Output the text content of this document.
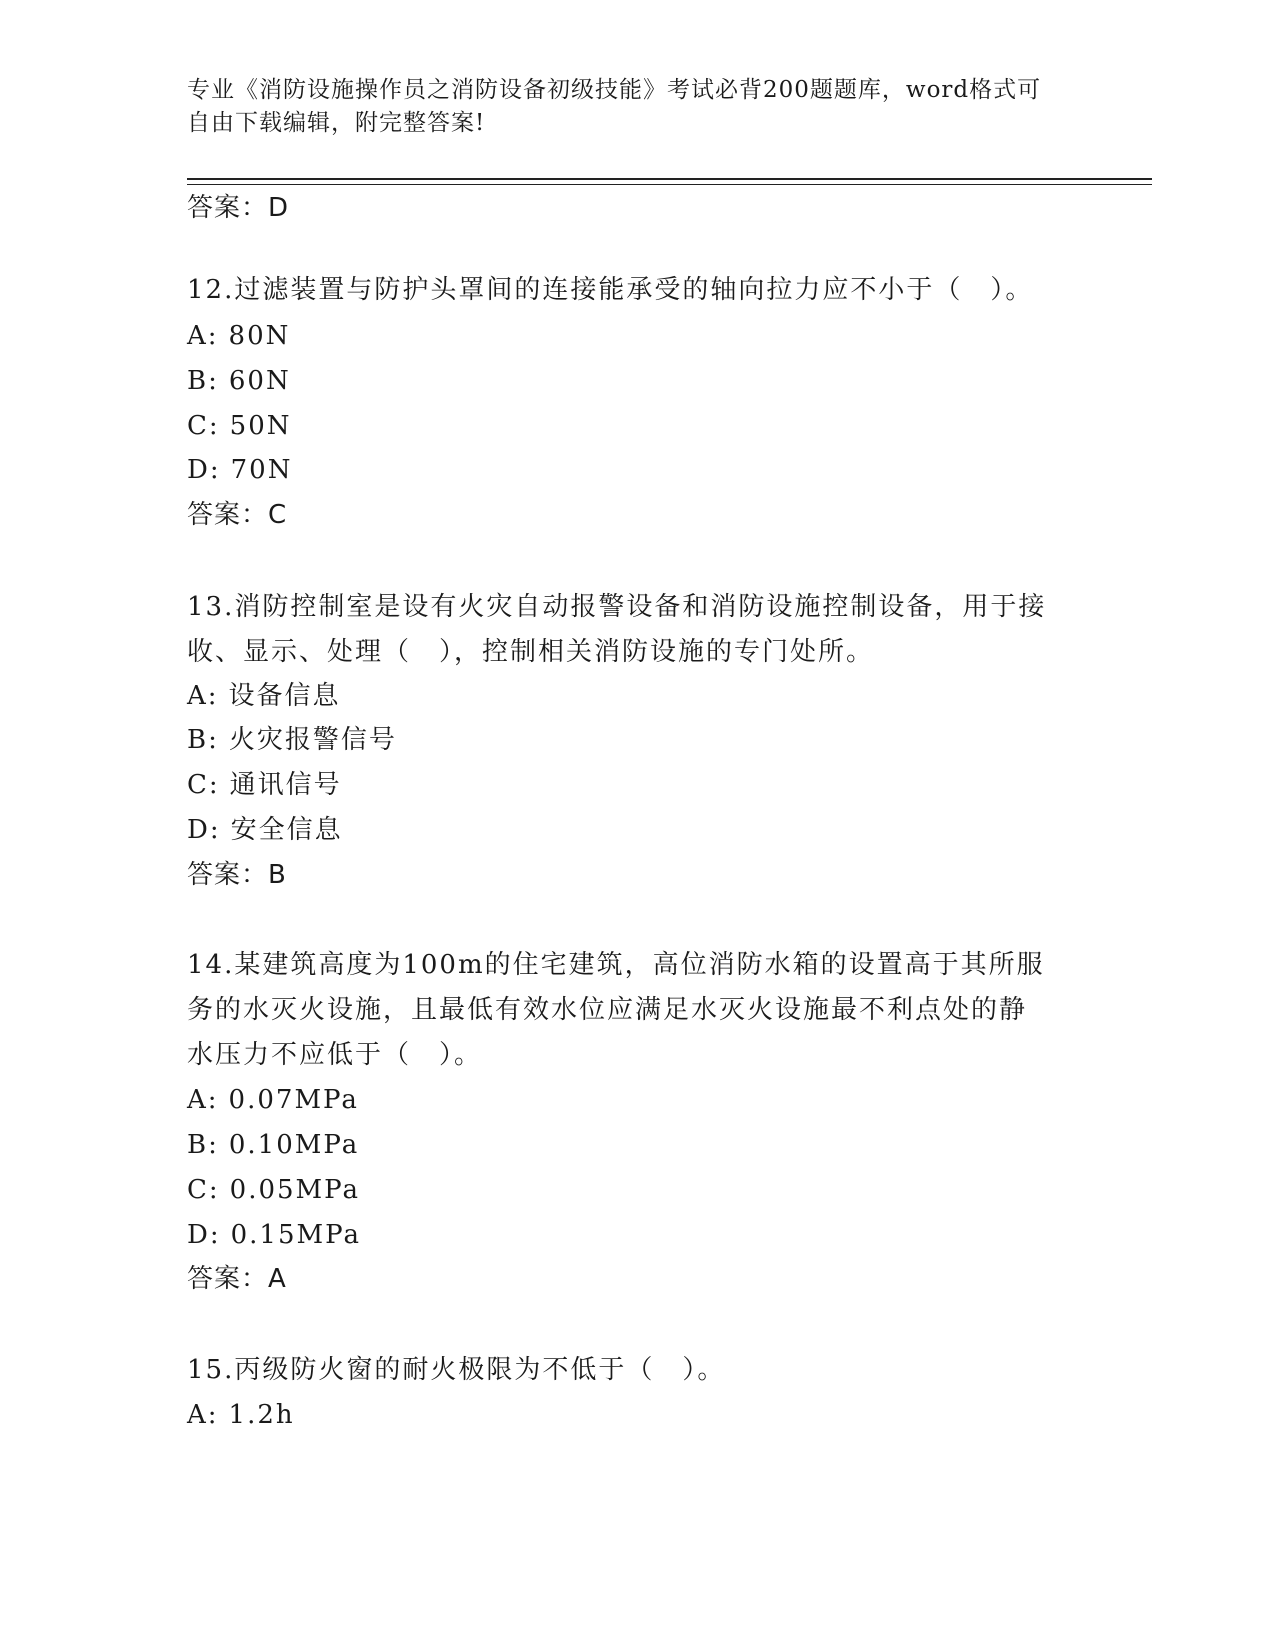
专业《消防设施操作员之消防设备初级技能》考试必背200题题库，word格式可
自由下载编辑，附完整答案!
答案：D
12.过滤装置与防护头罩间的连接能承受的轴向拉力应不小于（　）。
A: 80N
B: 60N
C: 50N
D: 70N
答案：C
13.消防控制室是设有火灾自动报警设备和消防设施控制设备，用于接
收、显示、处理（　），控制相关消防设施的专门处所。
A: 设备信息
B: 火灾报警信号
C: 通讯信号
D: 安全信息
答案：B
14.某建筑高度为100m的住宅建筑，高位消防水箱的设置高于其所服
务的水灭火设施，且最低有效水位应满足水灭火设施最不利点处的静
水压力不应低于（　）。
A: 0.07MPa
B: 0.10MPa
C: 0.05MPa
D: 0.15MPa
答案：A
15.丙级防火窗的耐火极限为不低于（　）。
A: 1.2h
